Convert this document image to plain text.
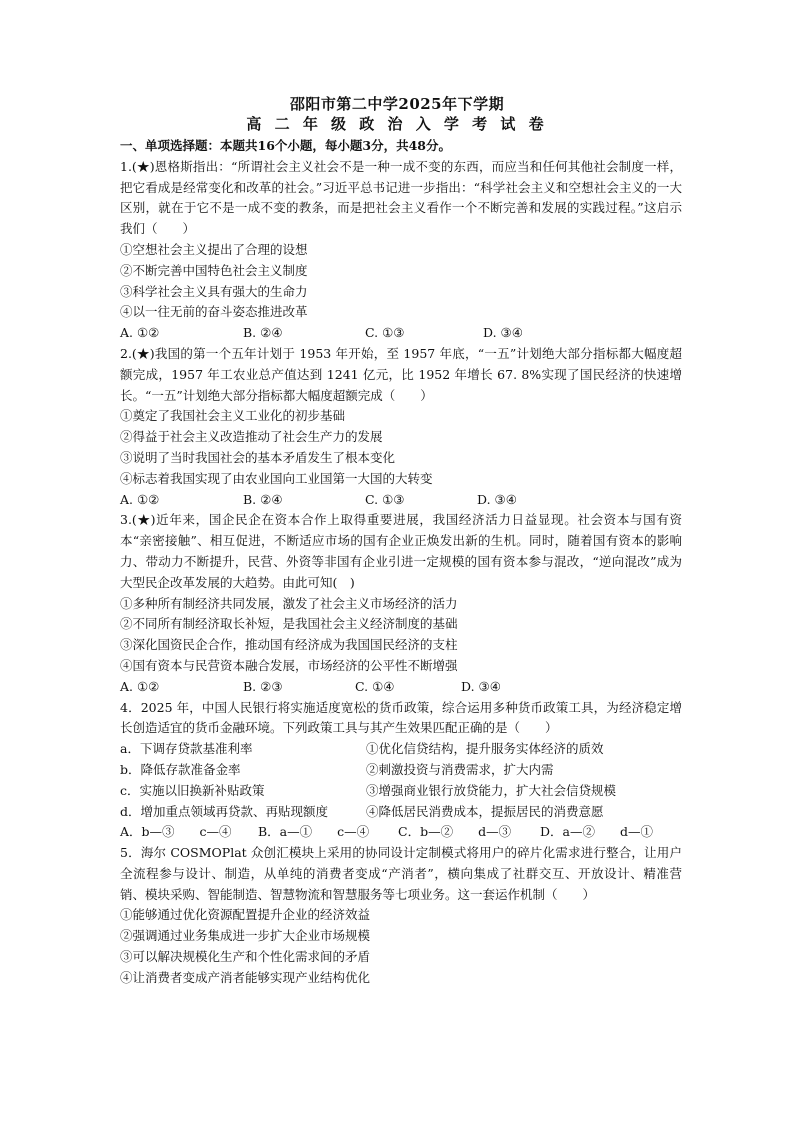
邵阳市第二中学2025年下学期
高 二 年 级 政 治 入 学 考 试 卷
一、单项选择题：本题共16个小题，每小题3分，共48分。
1.(★)恩格斯指出：“所谓社会主义社会不是一种一成不变的东西，而应当和任何其他社会制度一样，把它看成是经常变化和改革的社会。”习近平总书记进一步指出：“科学社会主义和空想社会主义的一大区别，就在于它不是一成不变的教条，而是把社会主义看作一个不断完善和发展的实践过程。”这启示我们（　　）
①空想社会主义提出了合理的设想
②不断完善中国特色社会主义制度
③科学社会主义具有强大的生命力
④以一往无前的奋斗姿态推进改革
A. ①②	B. ②④	C. ①③	D. ③④
2.(★)我国的第一个五年计划于 1953 年开始，至 1957 年底，“一五”计划绝大部分指标都大幅度超额完成，1957 年工农业总产值达到 1241 亿元，比 1952 年增长 67. 8%实现了国民经济的快速增长。“一五”计划绝大部分指标都大幅度超额完成（　　）
①奠定了我国社会主义工业化的初步基础
②得益于社会主义改造推动了社会生产力的发展
③说明了当时我国社会的基本矛盾发生了根本变化
④标志着我国实现了由农业国向工业国第一大国的大转变
A. ①②	B. ②④	C. ①③	D. ③④
3.(★)近年来，国企民企在资本合作上取得重要进展，我国经济活力日益显现。社会资本与国有资本“亲密接触”、相互促进，不断适应市场的国有企业正焕发出新的生机。同时，随着国有资本的影响力、带动力不断提升，民营、外资等非国有企业引进一定规模的国有资本参与混改，“逆向混改”成为大型民企改革发展的大趋势。由此可知(　)
①多种所有制经济共同发展，激发了社会主义市场经济的活力
②不同所有制经济取长补短，是我国社会主义经济制度的基础
③深化国资民企合作，推动国有经济成为我国国民经济的支柱
④国有资本与民营资本融合发展，市场经济的公平性不断增强
A. ①②	B. ②③	C. ①④	D. ③④
4．2025 年，中国人民银行将实施适度宽松的货币政策，综合运用多种货币政策工具，为经济稳定增长创造适宜的货币金融环境。下列政策工具与其产生效果匹配正确的是（　　）
a．下调存贷款基准利率	①优化信贷结构，提升服务实体经济的质效
b．降低存款准备金率	②刺激投资与消费需求，扩大内需
c．实施以旧换新补贴政策	③增强商业银行放贷能力，扩大社会信贷规模
d．增加重点领域再贷款、再贴现额度	④降低居民消费成本，提振居民的消费意愿
A．b—③　　c—④	B．a—①　　c—④	C．b—②　　d—③	D．a—②　　d—①
5．海尔 COSMOPlat 众创汇模块上采用的协同设计定制模式将用户的碎片化需求进行整合，让用户全流程参与设计、制造，从单纯的消费者变成“产消者”，横向集成了社群交互、开放设计、精准营销、模块采购、智能制造、智慧物流和智慧服务等七项业务。这一套运作机制（　　）
①能够通过优化资源配置提升企业的经济效益
②强调通过业务集成进一步扩大企业市场规模
③可以解决规模化生产和个性化需求间的矛盾
④让消费者变成产消者能够实现产业结构优化
